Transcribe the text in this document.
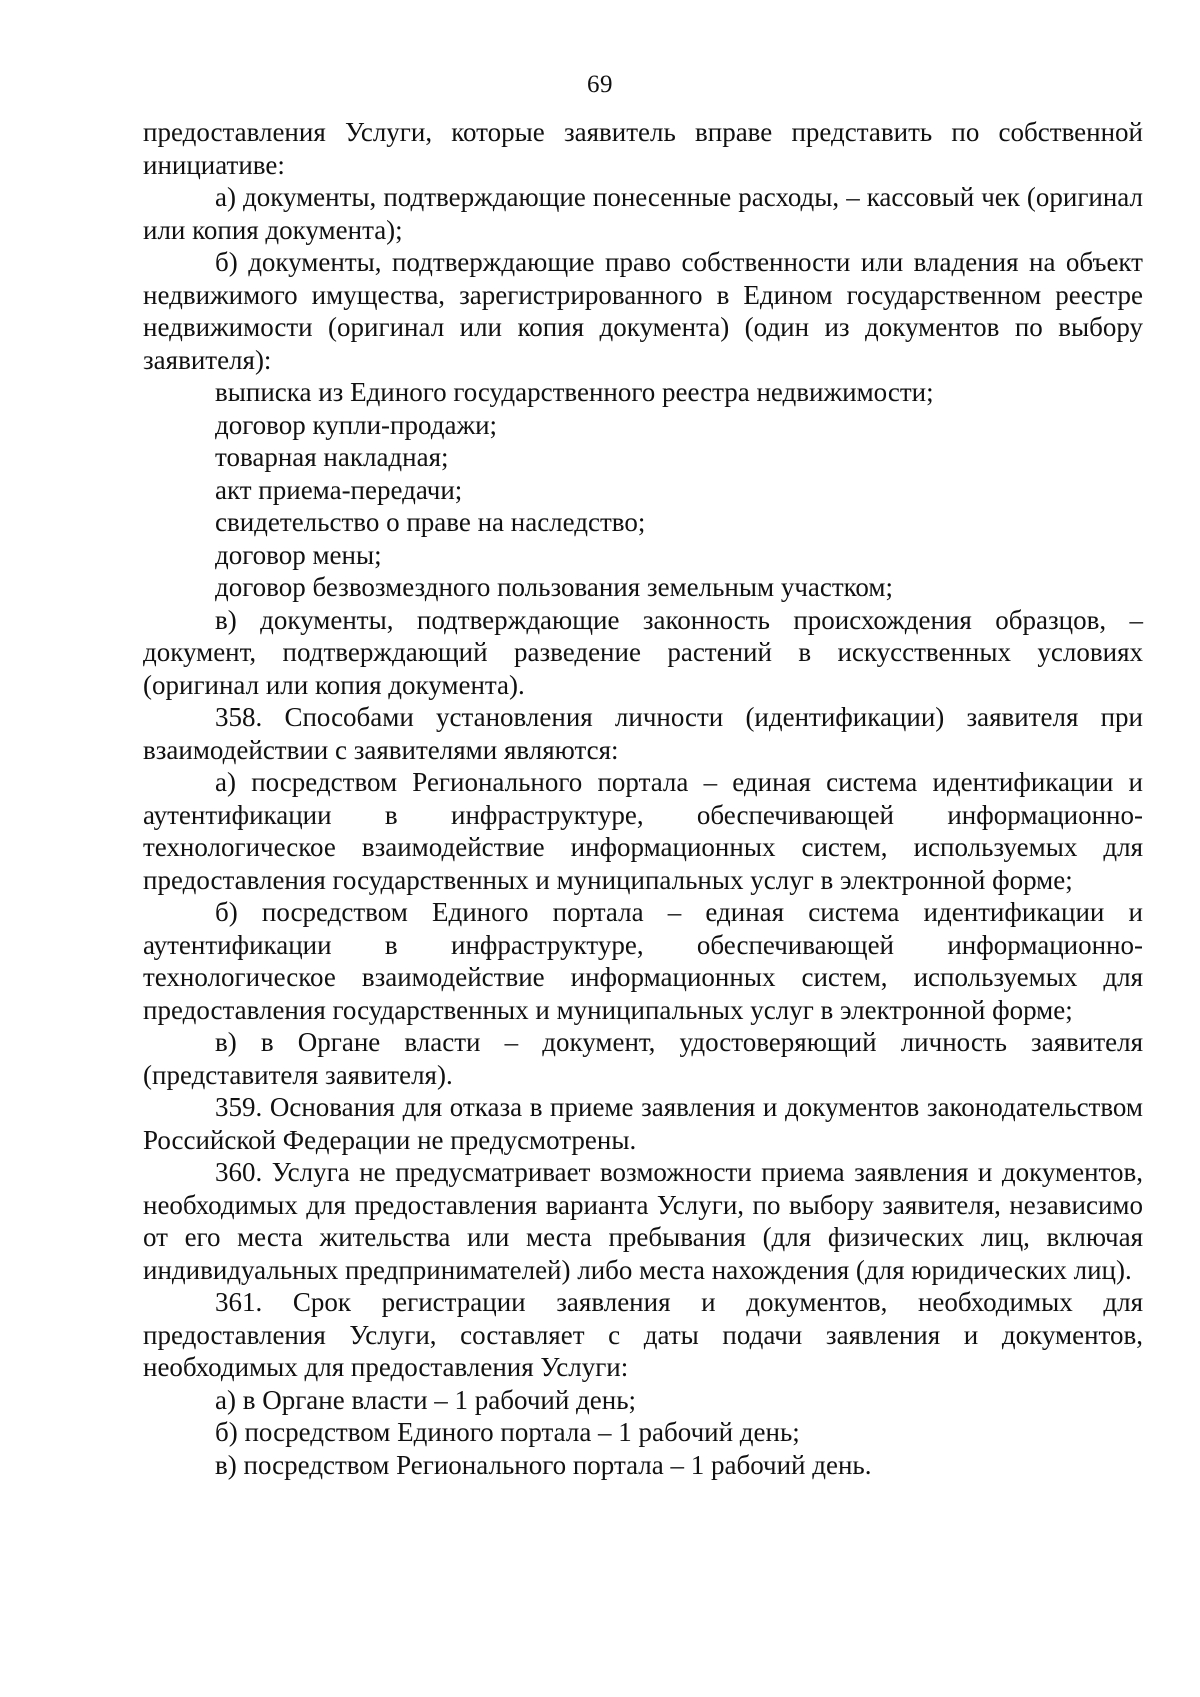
69

предоставления Услуги, которые заявитель вправе представить по собственной инициативе:

а) документы, подтверждающие понесенные расходы, – кассовый чек (оригинал или копия документа);

б) документы, подтверждающие право собственности или владения на объект недвижимого имущества, зарегистрированного в Едином государственном реестре недвижимости (оригинал или копия документа) (один из документов по выбору заявителя):

выписка из Единого государственного реестра недвижимости;

договор купли-продажи;

товарная накладная;

акт приема-передачи;

свидетельство о праве на наследство;

договор мены;

договор безвозмездного пользования земельным участком;

в) документы, подтверждающие законность происхождения образцов, – документ, подтверждающий разведение растений в искусственных условиях (оригинал или копия документа).

358. Способами установления личности (идентификации) заявителя при взаимодействии с заявителями являются:

а) посредством Регионального портала – единая система идентификации и аутентификации в инфраструктуре, обеспечивающей информационно-технологическое взаимодействие информационных систем, используемых для предоставления государственных и муниципальных услуг в электронной форме;

б) посредством Единого портала – единая система идентификации и аутентификации в инфраструктуре, обеспечивающей информационно-технологическое взаимодействие информационных систем, используемых для предоставления государственных и муниципальных услуг в электронной форме;

в) в Органе власти – документ, удостоверяющий личность заявителя (представителя заявителя).

359. Основания для отказа в приеме заявления и документов законодательством Российской Федерации не предусмотрены.

360. Услуга не предусматривает возможности приема заявления и документов, необходимых для предоставления варианта Услуги, по выбору заявителя, независимо от его места жительства или места пребывания (для физических лиц, включая индивидуальных предпринимателей) либо места нахождения (для юридических лиц).

361. Срок регистрации заявления и документов, необходимых для предоставления Услуги, составляет с даты подачи заявления и документов, необходимых для предоставления Услуги:

а) в Органе власти – 1 рабочий день;

б) посредством Единого портала – 1 рабочий день;

в) посредством Регионального портала – 1 рабочий день.
